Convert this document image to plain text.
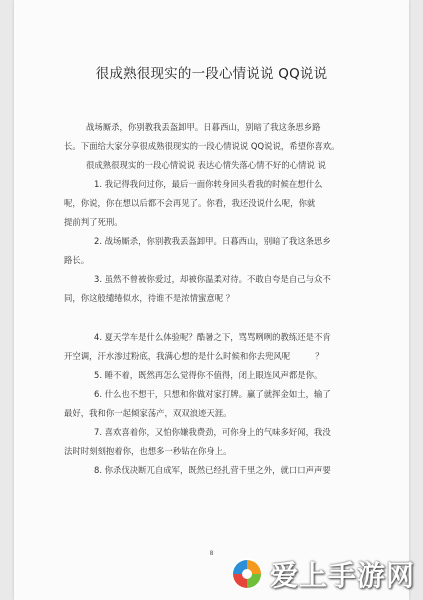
很成熟很现实的一段心情说说 QQ说说
战场厮杀，你别教我丢盔卸甲。日暮西山，别暗了我这条思乡路
长。下面给大家分享很成熟很现实的一段心情说说 QQ说说，希望你喜欢。
很成熟很现实的一段心情说说 表达心情失落心情不好的心情说 说
1. 我记得我问过你，最后一面你转身回头看我的时候在想什么
呢，你说，你在想以后都不会再见了。你看，我还没说什么呢，你就
提前判了死刑。
2. 战场厮杀，你别教我丢盔卸甲。日暮西山，别暗了我这条思乡
路长。
3. 虽然不曾被你爱过，却被你温柔对待。不敢自夸是自己与众不
同，你这般缱绻似水，待谁不是浓情蜜意呢 ？
4. 夏天学车是什么体验呢？酷暑之下，骂骂咧咧的教练还是不肯
开空调，汗水渗过粉底，我满心想的是什么时候和你去兜风呢　　　？
5. 睡不着，既然再怎么觉得你不值得，闭上眼连风声都是你。
6. 什么也不想干，只想和你做对家打牌。赢了就挥金如土，输了
最好，我和你一起倾家荡产，双双浪迹天涯。
7. 喜欢喜着你，又怕你嫌我费劲，可你身上的气味多好闻，我没
法时时刻刻抱着你，也想多一秒钻在你身上。
8. 你杀伐决断兀自成军，既然已经扎营千里之外，就口口声声要
8
爱上手游网
